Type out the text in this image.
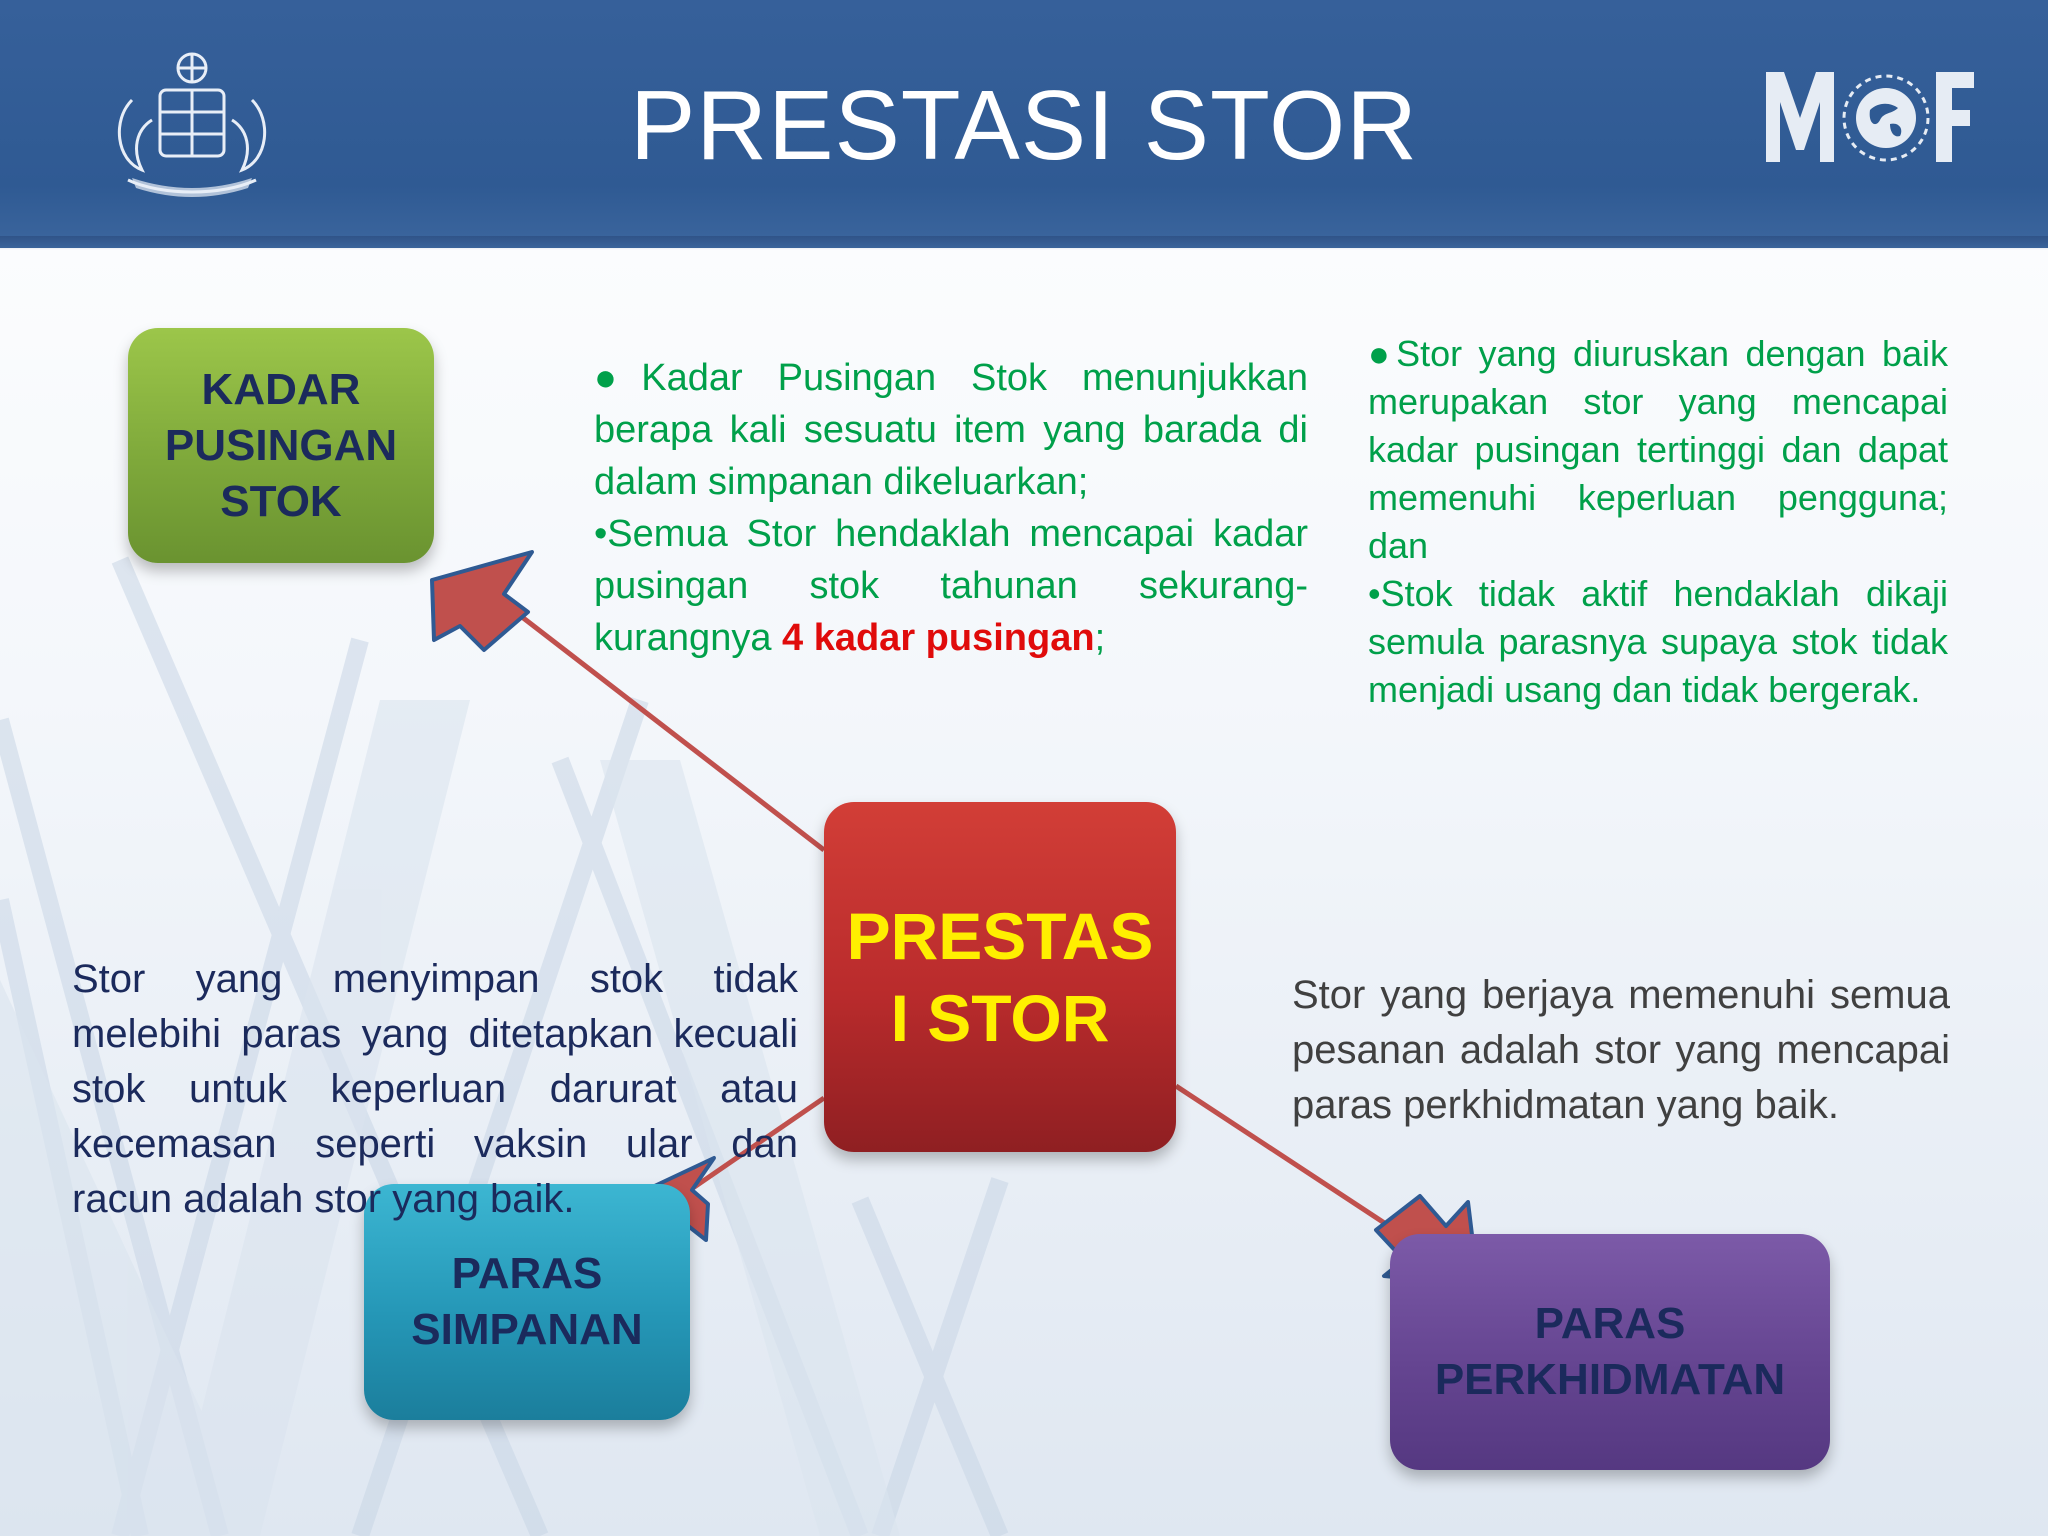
PRESTASI STOR
KADAR
PUSINGAN
STOK
PRESTAS
I STOR
PARAS
SIMPANAN	PARAS
PERKHIDMATAN
●Kadar Pusingan Stok menunjukkan berapa kali sesuatu item yang barada di dalam simpanan dikeluarkan;
•Semua Stor hendaklah mencapai kadar pusingan stok tahunan sekurang-kurangnya 4 kadar pusingan;
●Stor yang diuruskan dengan baik merupakan stor yang mencapai kadar pusingan tertinggi dan dapat memenuhi keperluan pengguna; dan
•Stok tidak aktif hendaklah dikaji semula parasnya supaya stok tidak menjadi usang dan tidak bergerak.
Stor yang menyimpan stok tidak melebihi paras yang ditetapkan kecuali stok untuk keperluan darurat atau kecemasan seperti vaksin ular dan racun adalah stor yang baik.
Stor yang berjaya memenuhi semua pesanan adalah stor yang mencapai paras perkhidmatan yang baik.
